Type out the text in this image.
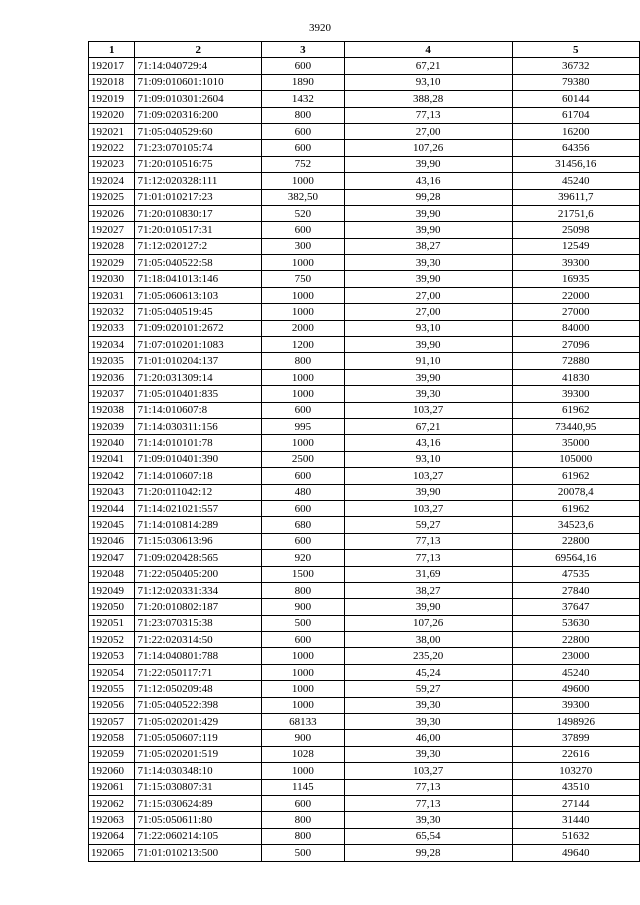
3920
1	2	3	4	5
192017	71:14:040729:4	600	67,21	36732
192018	71:09:010601:1010	1890	93,10	79380
192019	71:09:010301:2604	1432	388,28	60144
192020	71:09:020316:200	800	77,13	61704
192021	71:05:040529:60	600	27,00	16200
192022	71:23:070105:74	600	107,26	64356
192023	71:20:010516:75	752	39,90	31456,16
192024	71:12:020328:111	1000	43,16	45240
192025	71:01:010217:23	382,50	99,28	39611,7
192026	71:20:010830:17	520	39,90	21751,6
192027	71:20:010517:31	600	39,90	25098
192028	71:12:020127:2	300	38,27	12549
192029	71:05:040522:58	1000	39,30	39300
192030	71:18:041013:146	750	39,90	16935
192031	71:05:060613:103	1000	27,00	22000
192032	71:05:040519:45	1000	27,00	27000
192033	71:09:020101:2672	2000	93,10	84000
192034	71:07:010201:1083	1200	39,90	27096
192035	71:01:010204:137	800	91,10	72880
192036	71:20:031309:14	1000	39,90	41830
192037	71:05:010401:835	1000	39,30	39300
192038	71:14:010607:8	600	103,27	61962
192039	71:14:030311:156	995	67,21	73440,95
192040	71:14:010101:78	1000	43,16	35000
192041	71:09:010401:390	2500	93,10	105000
192042	71:14:010607:18	600	103,27	61962
192043	71:20:011042:12	480	39,90	20078,4
192044	71:14:021021:557	600	103,27	61962
192045	71:14:010814:289	680	59,27	34523,6
192046	71:15:030613:96	600	77,13	22800
192047	71:09:020428:565	920	77,13	69564,16
192048	71:22:050405:200	1500	31,69	47535
192049	71:12:020331:334	800	38,27	27840
192050	71:20:010802:187	900	39,90	37647
192051	71:23:070315:38	500	107,26	53630
192052	71:22:020314:50	600	38,00	22800
192053	71:14:040801:788	1000	235,20	23000
192054	71:22:050117:71	1000	45,24	45240
192055	71:12:050209:48	1000	59,27	49600
192056	71:05:040522:398	1000	39,30	39300
192057	71:05:020201:429	68133	39,30	1498926
192058	71:05:050607:119	900	46,00	37899
192059	71:05:020201:519	1028	39,30	22616
192060	71:14:030348:10	1000	103,27	103270
192061	71:15:030807:31	1145	77,13	43510
192062	71:15:030624:89	600	77,13	27144
192063	71:05:050611:80	800	39,30	31440
192064	71:22:060214:105	800	65,54	51632
192065	71:01:010213:500	500	99,28	49640
